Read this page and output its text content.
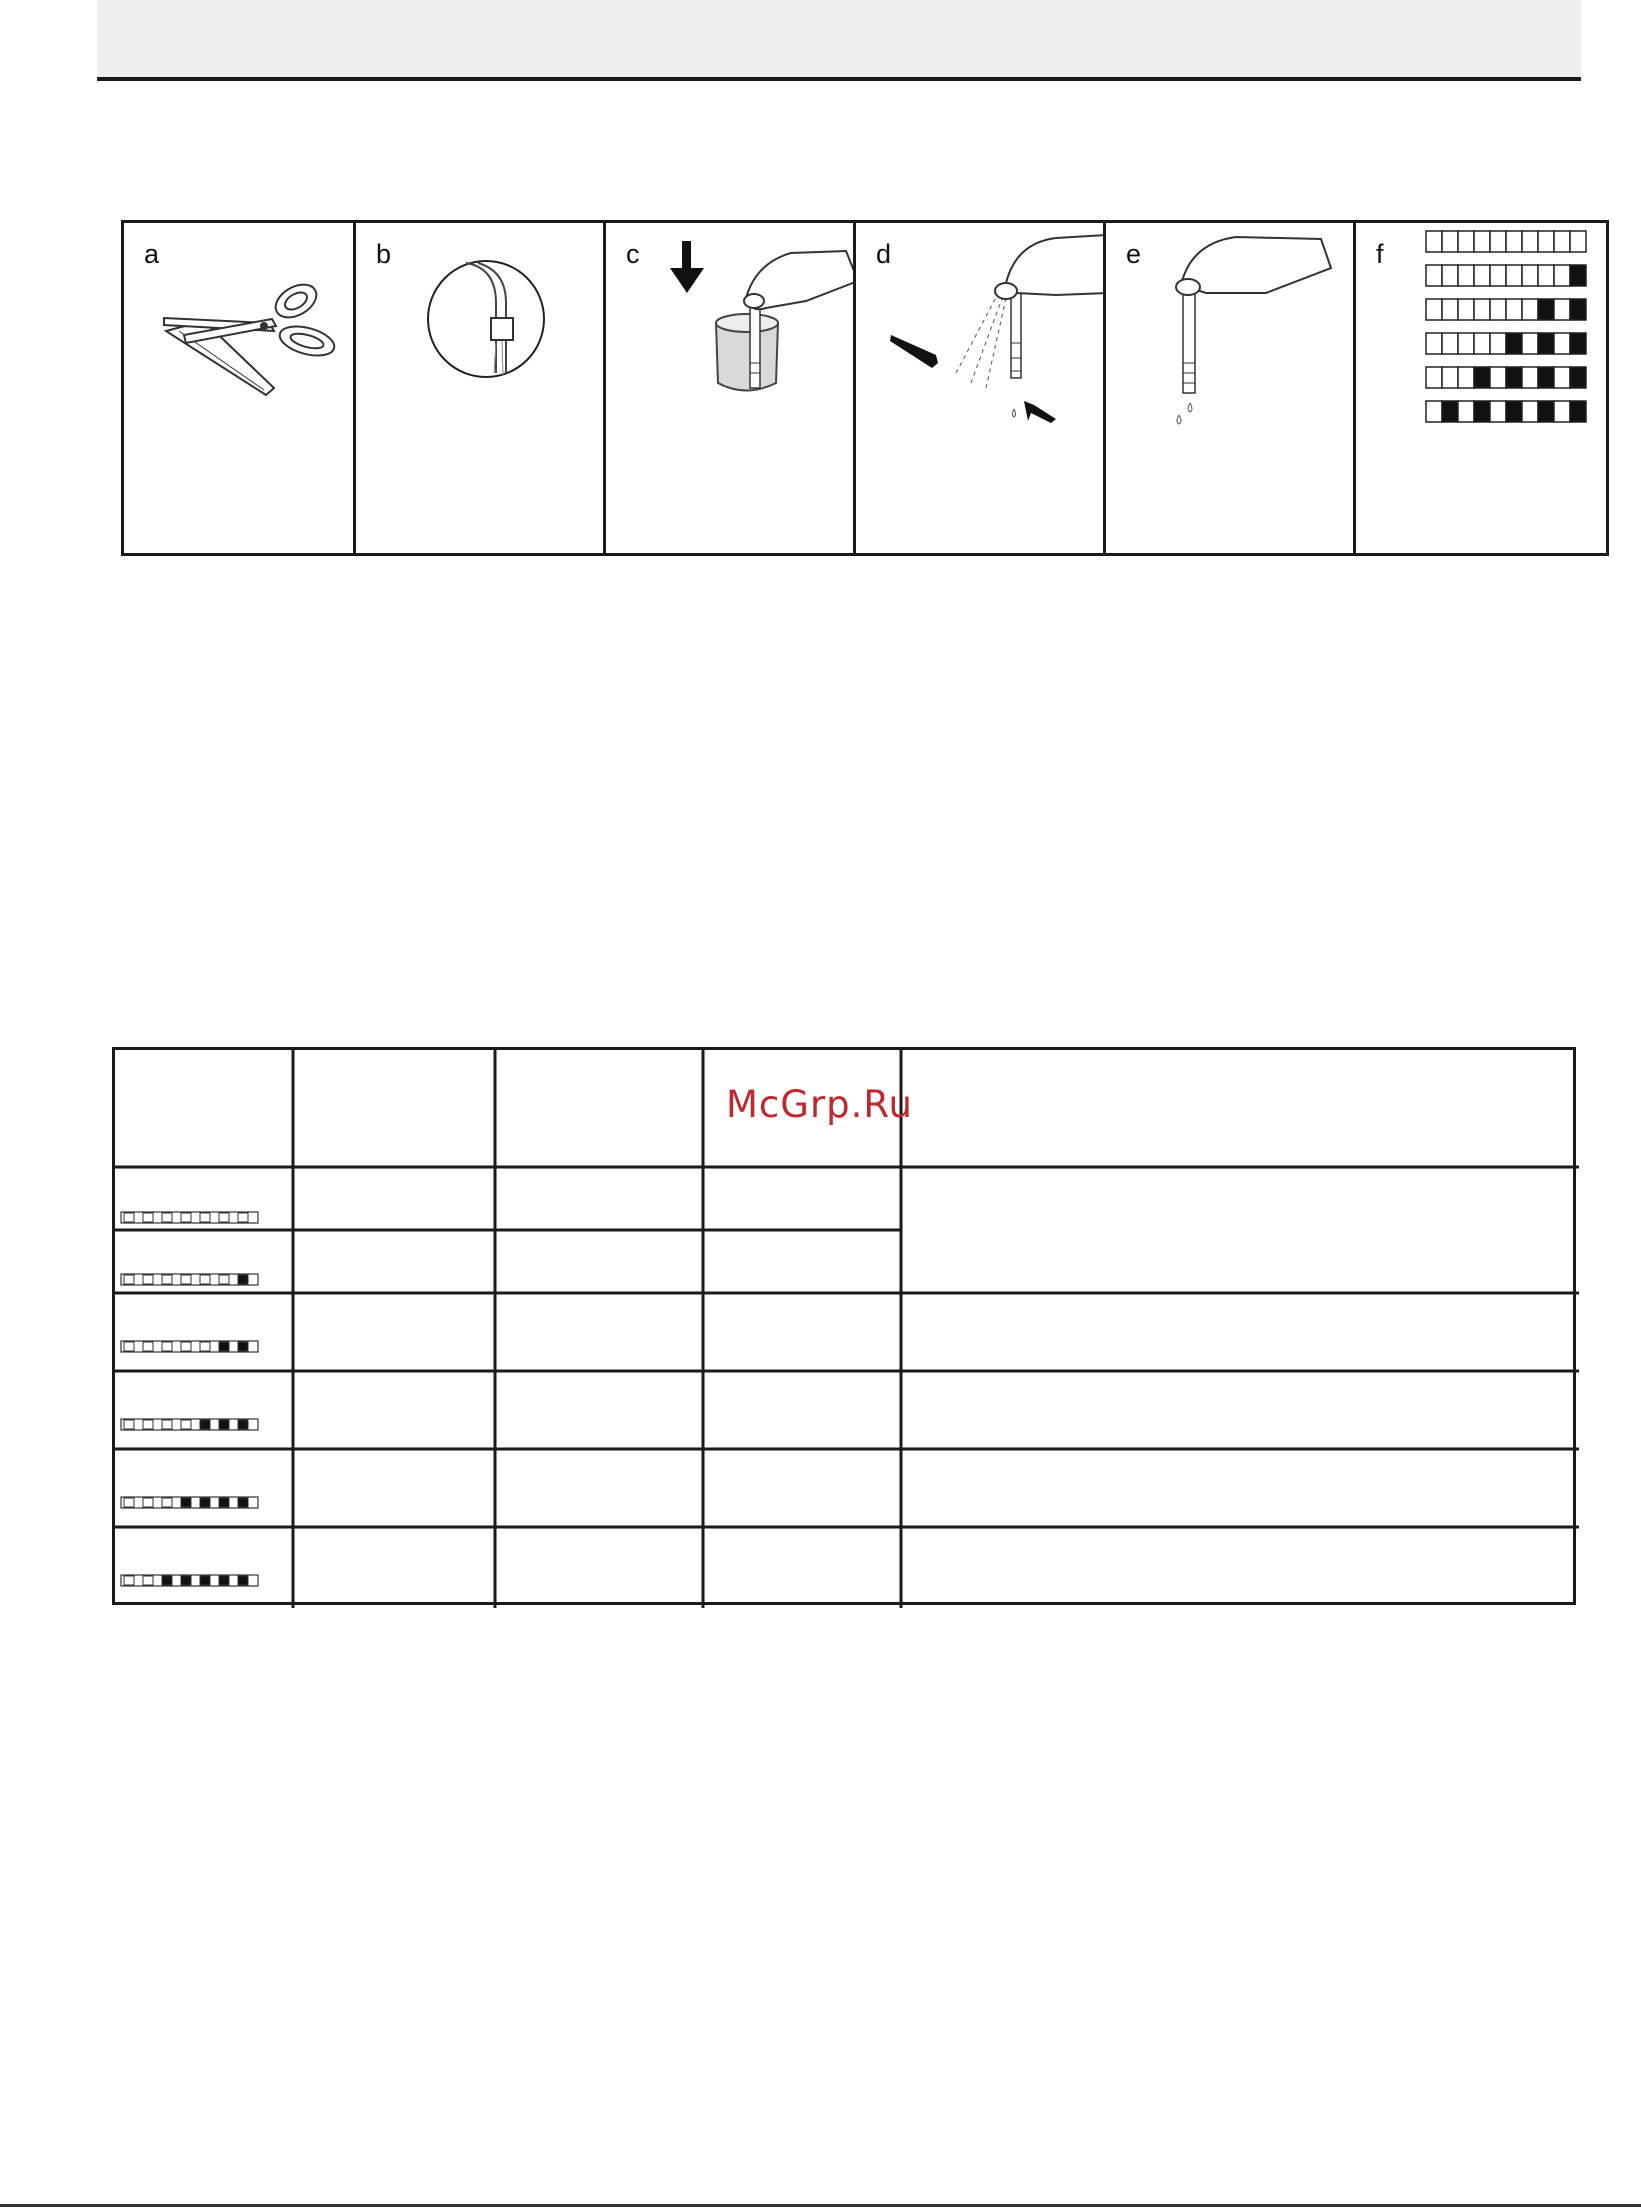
a	b	c	d	e	f
McGrp.Ru
